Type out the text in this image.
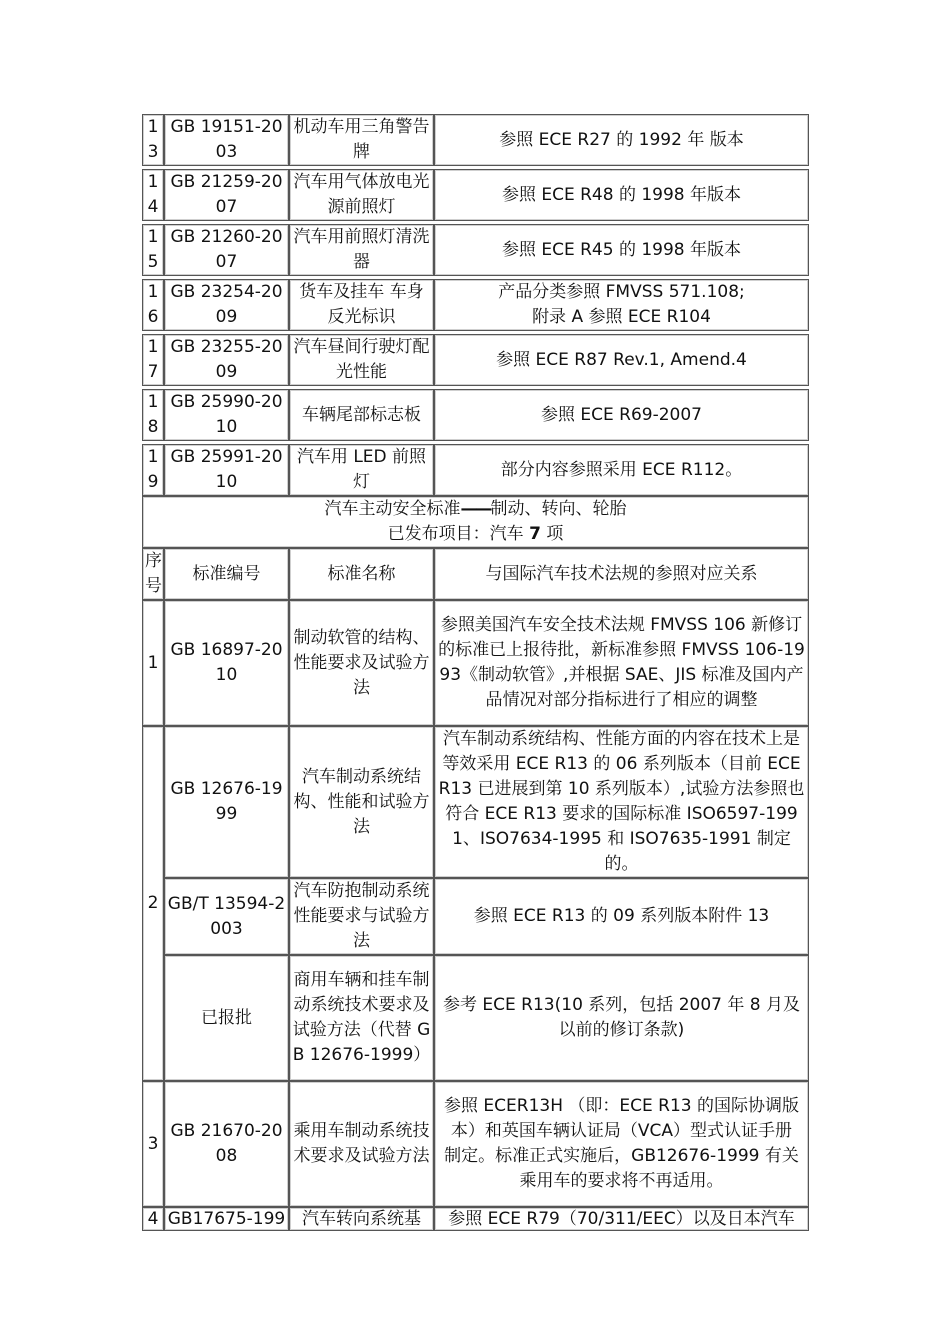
13	GB 19151-2003	机动车用三角警告牌	参照 ECE R27 的 1992 年 版本

14	GB 21259-2007	汽车用气体放电光源前照灯	参照 ECE R48 的 1998 年版本

15	GB 21260-2007	汽车用前照灯清洗器	参照 ECE R45 的 1998 年版本

16	GB 23254-2009	货车及挂车 车身反光标识	产品分类参照 FMVSS 571.108;
附录 A 参照 ECE R104

17	GB 23255-2009	汽车昼间行驶灯配光性能	参照 ECE R87 Rev.1, Amend.4

18	GB 25990-2010	车辆尾部标志板	参照 ECE R69-2007

19	GB 25991-2010	汽车用 LED 前照灯	部分内容参照采用 ECE R112。

汽车主动安全标准——制动、转向、轮胎
已发布项目：汽车 7 项			

序号	标准编号	标准名称	与国际汽车技术法规的参照对应关系
1	GB 16897-2010	制动软管的结构、性能要求及试验方法	参照美国汽车安全技术法规 FMVSS 106 新修订的标准已上报待批，新标准参照 FMVSS 106-1993《制动软管》,并根据 SAE、JIS 标准及国内产品情况对部分指标进行了相应的调整
2	GB 12676-1999	汽车制动系统结构、性能和试验方法	汽车制动系统结构、性能方面的内容在技术上是等效采用 ECE R13 的 06 系列版本（目前 ECE R13 已进展到第 10 系列版本）,试验方法参照也符合 ECE R13 要求的国际标准 ISO6597-1991、ISO7634-1995 和 ISO7635-1991 制定的。
	GB/T 13594-2003	汽车防抱制动系统性能要求与试验方法	参照 ECE R13 的 09 系列版本附件 13
	已报批	商用车辆和挂车制动系统技术要求及试验方法（代替 GB 12676-1999）	参考 ECE R13(10 系列，包括 2007 年 8 月及以前的修订条款)
3	GB 21670-2008	乘用车制动系统技术要求及试验方法	参照 ECER13H （即：ECE R13 的国际协调版本）和英国车辆认证局（VCA）型式认证手册
制定。标准正式实施后，GB12676-1999 有关乘用车的要求将不再适用。

4	GB17675-199	汽车转向系统基	参照 ECE R79（70/311/EEC）以及日本汽车
